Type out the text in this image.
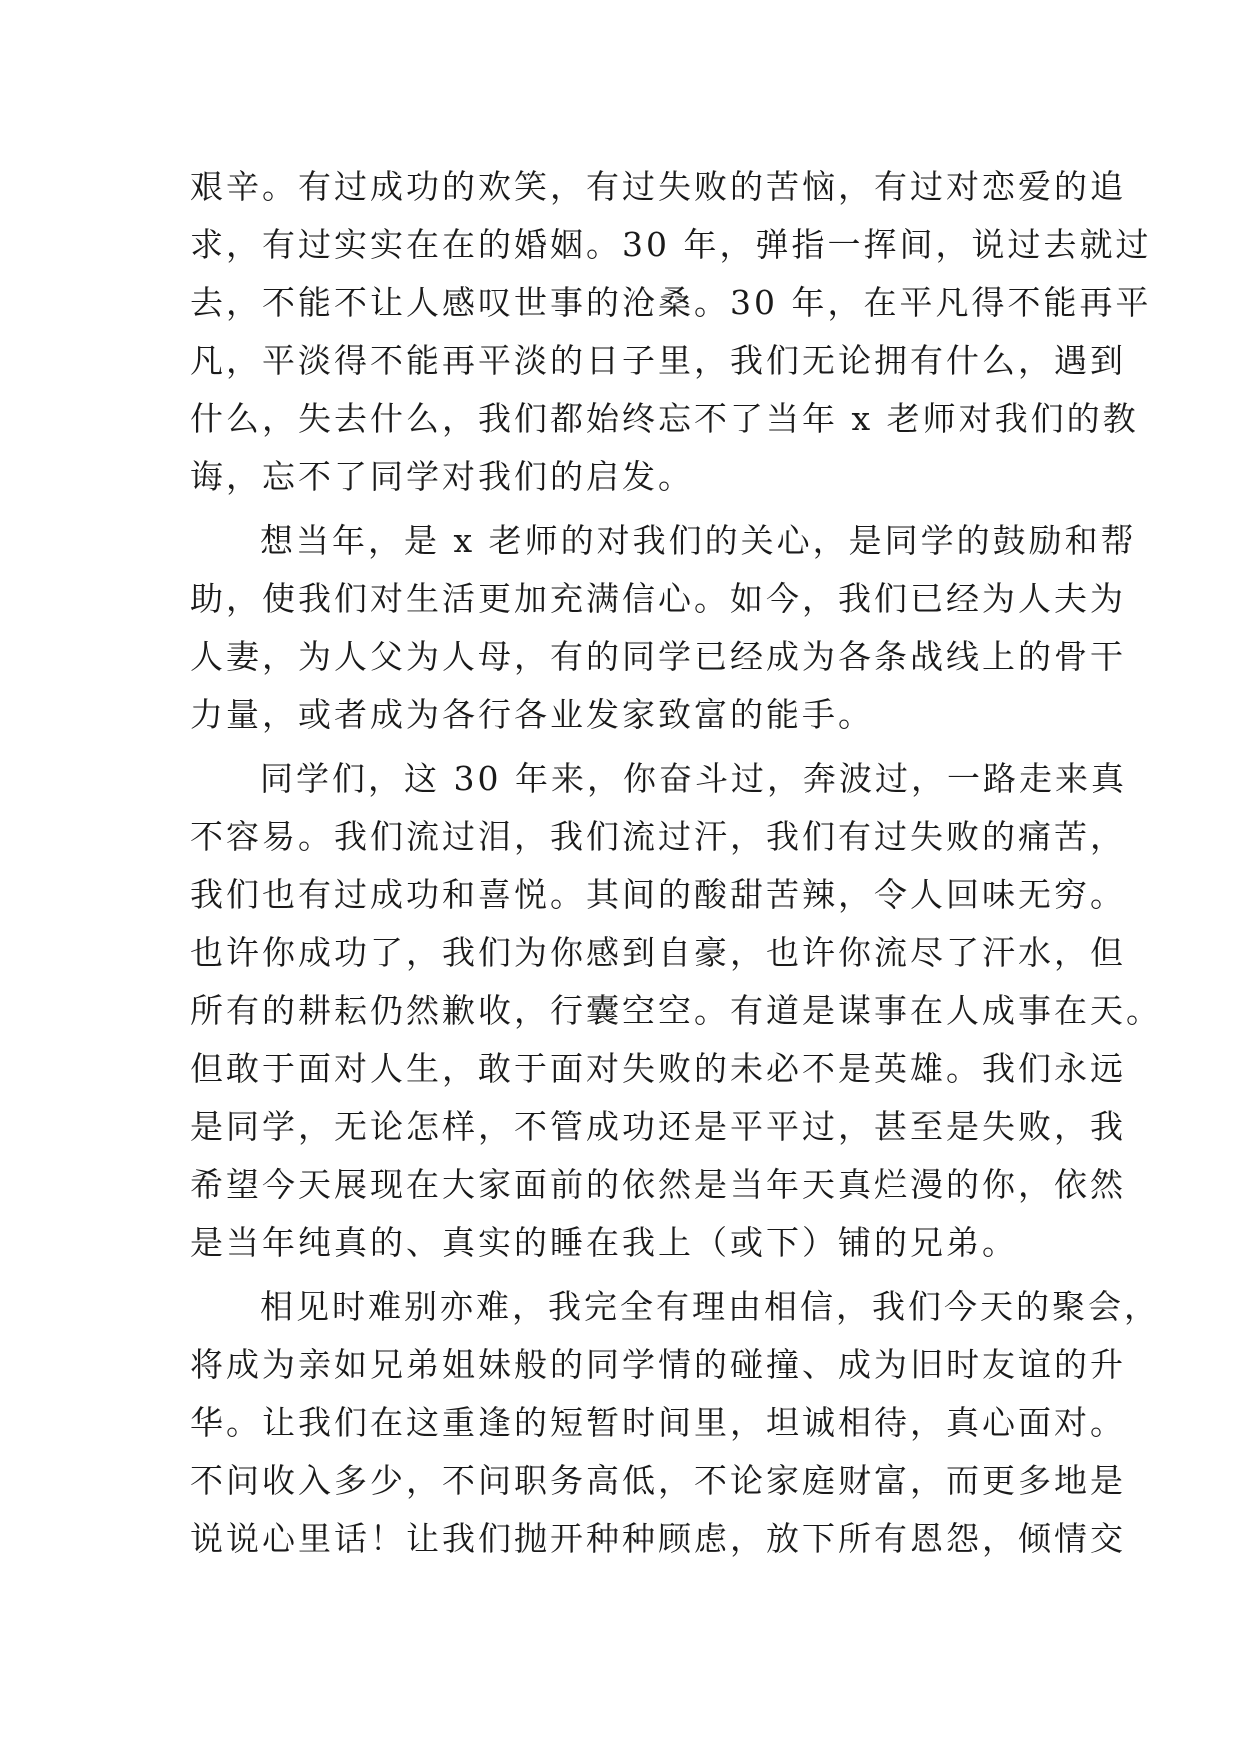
艰辛。有过成功的欢笑，有过失败的苦恼，有过对恋爱的追
求，有过实实在在的婚姻。30 年，弹指一挥间，说过去就过
去，不能不让人感叹世事的沧桑。30 年，在平凡得不能再平
凡，平淡得不能再平淡的日子里，我们无论拥有什么，遇到
什么，失去什么，我们都始终忘不了当年 x 老师对我们的教
诲，忘不了同学对我们的启发。
想当年，是 x 老师的对我们的关心，是同学的鼓励和帮
助，使我们对生活更加充满信心。如今，我们已经为人夫为
人妻，为人父为人母，有的同学已经成为各条战线上的骨干
力量，或者成为各行各业发家致富的能手。
同学们，这 30 年来，你奋斗过，奔波过，一路走来真
不容易。我们流过泪，我们流过汗，我们有过失败的痛苦，
我们也有过成功和喜悦。其间的酸甜苦辣，令人回味无穷。
也许你成功了，我们为你感到自豪，也许你流尽了汗水，但
所有的耕耘仍然歉收，行囊空空。有道是谋事在人成事在天。
但敢于面对人生，敢于面对失败的未必不是英雄。我们永远
是同学，无论怎样，不管成功还是平平过，甚至是失败，我
希望今天展现在大家面前的依然是当年天真烂漫的你，依然
是当年纯真的、真实的睡在我上（或下）铺的兄弟。
相见时难别亦难，我完全有理由相信，我们今天的聚会，
将成为亲如兄弟姐妹般的同学情的碰撞、成为旧时友谊的升
华。让我们在这重逢的短暂时间里，坦诚相待，真心面对。
不问收入多少，不问职务高低，不论家庭财富，而更多地是
说说心里话！让我们抛开种种顾虑，放下所有恩怨，倾情交
